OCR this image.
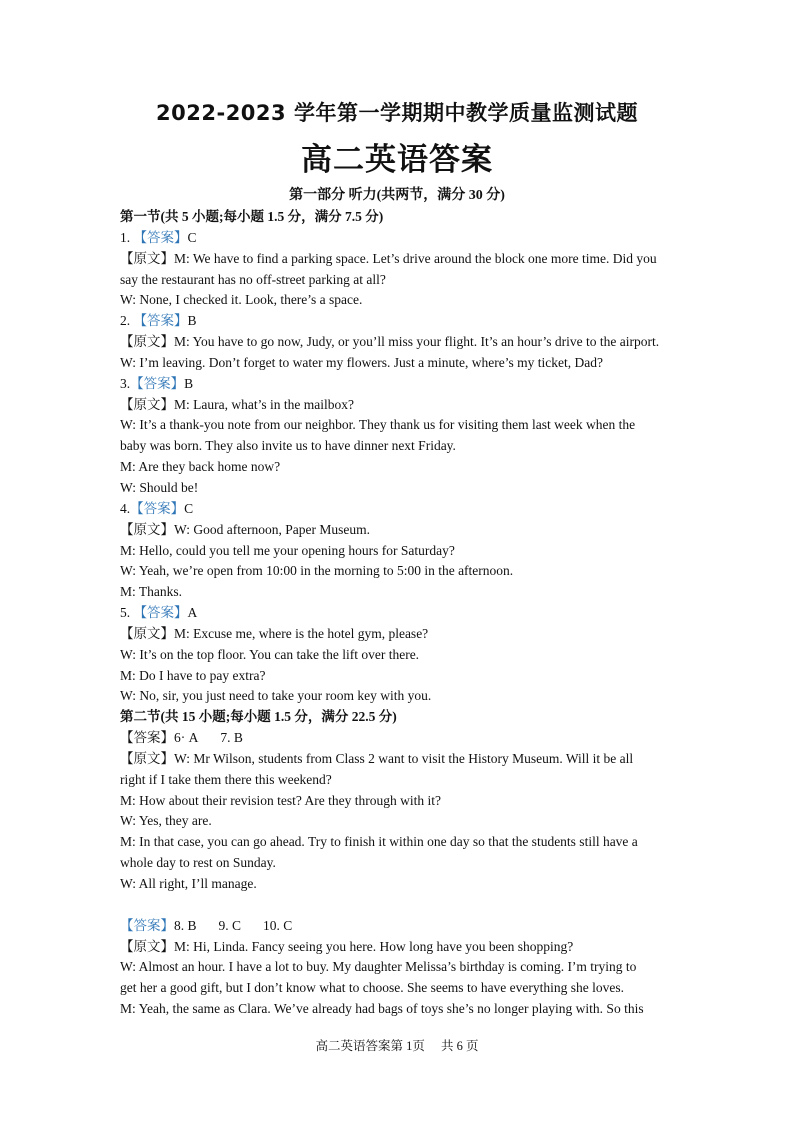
2022-2023 学年第一学期期中教学质量监测试题
高二英语答案
第一部分 听力(共两节，满分 30 分)
第一节(共 5 小题;每小题 1.5 分，满分 7.5 分)
1. 【答案】C
【原文】M: We have to find a parking space. Let’s drive around the block one more time. Did you
say the restaurant has no off-street parking at all?
W: None, I checked it. Look, there’s a space.
2. 【答案】B
【原文】M: You have to go now, Judy, or you’ll miss your flight. It’s an hour’s drive to the airport.
W: I’m leaving. Don’t forget to water my flowers. Just a minute, where’s my ticket, Dad?
3.【答案】B
【原文】M: Laura, what’s in the mailbox?
W: It’s a thank-you note from our neighbor. They thank us for visiting them last week when the
baby was born. They also invite us to have dinner next Friday.
M: Are they back home now?
W: Should be!
4.【答案】C
【原文】W: Good afternoon, Paper Museum.
M: Hello, could you tell me your opening hours for Saturday?
W: Yeah, we’re open from 10:00 in the morning to 5:00 in the afternoon.
M: Thanks.
5. 【答案】A
【原文】M: Excuse me, where is the hotel gym, please?
W: It’s on the top floor. You can take the lift over there.
M: Do I have to pay extra?
W: No, sir, you just need to take your room key with you.
第二节(共 15 小题;每小题 1.5 分，满分 22.5 分)
【答案】6· A 7. B
【原文】W: Mr Wilson, students from Class 2 want to visit the History Museum. Will it be all
right if I take them there this weekend?
M: How about their revision test? Are they through with it?
W: Yes, they are.
M: In that case, you can go ahead. Try to finish it within one day so that the students still have a
whole day to rest on Sunday.
W: All right, I’ll manage.
【答案】8. B 9. C 10. C
【原文】M: Hi, Linda. Fancy seeing you here. How long have you been shopping?
W: Almost an hour. I have a lot to buy. My daughter Melissa’s birthday is coming. I’m trying to
get her a good gift, but I don’t know what to choose. She seems to have everything she loves.
M: Yeah, the same as Clara. We’ve already had bags of toys she’s no longer playing with. So this
高二英语答案第 1页 共 6 页
